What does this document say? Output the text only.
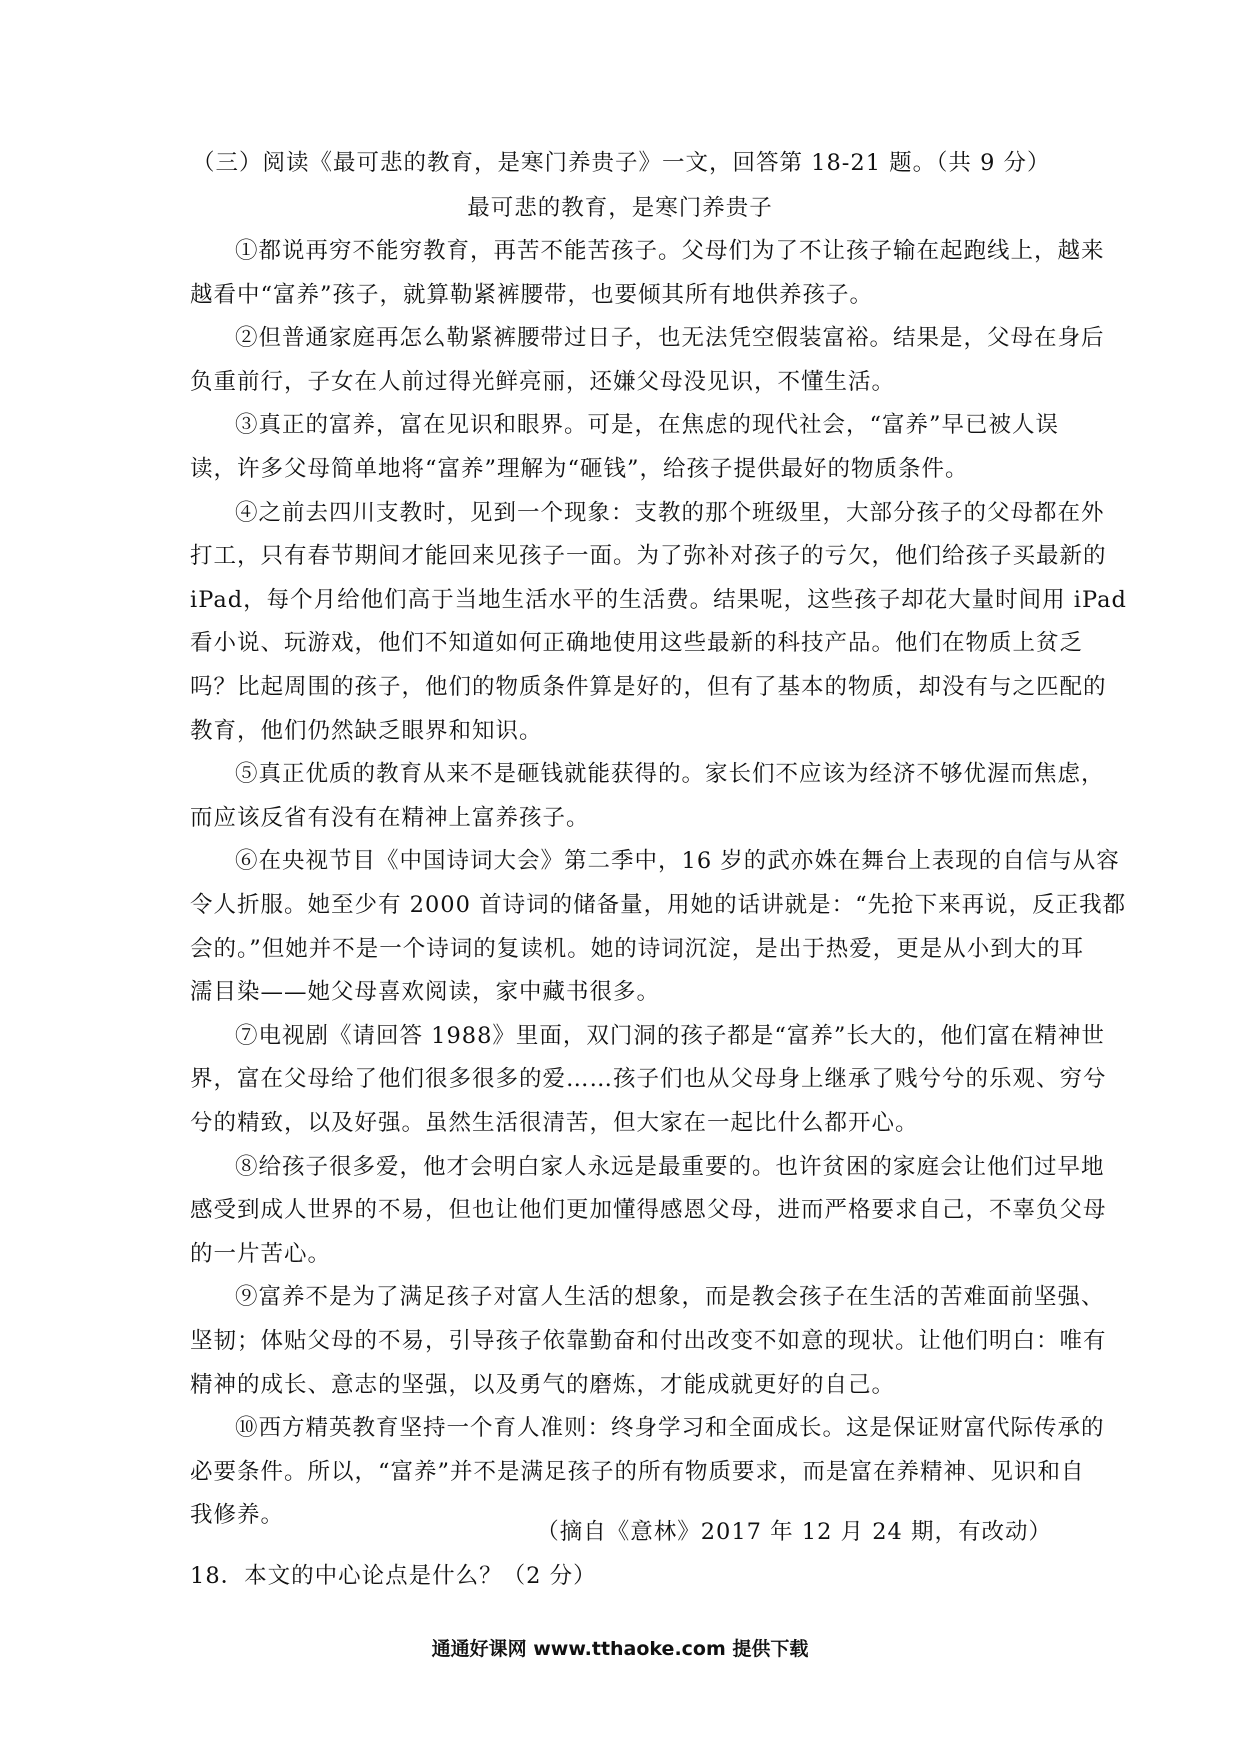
（三）阅读《最可悲的教育，是寒门养贵子》一文，回答第 18-21 题。（共 9 分）
最可悲的教育，是寒门养贵子
①都说再穷不能穷教育，再苦不能苦孩子。父母们为了不让孩子输在起跑线上，越来
越看中“富养”孩子，就算勒紧裤腰带，也要倾其所有地供养孩子。
②但普通家庭再怎么勒紧裤腰带过日子，也无法凭空假装富裕。结果是，父母在身后
负重前行，子女在人前过得光鲜亮丽，还嫌父母没见识，不懂生活。
③真正的富养，富在见识和眼界。可是，在焦虑的现代社会，“富养”早已被人误
读，许多父母简单地将“富养”理解为“砸钱”，给孩子提供最好的物质条件。
④之前去四川支教时，见到一个现象：支教的那个班级里，大部分孩子的父母都在外
打工，只有春节期间才能回来见孩子一面。为了弥补对孩子的亏欠，他们给孩子买最新的
iPad，每个月给他们高于当地生活水平的生活费。结果呢，这些孩子却花大量时间用 iPad
看小说、玩游戏，他们不知道如何正确地使用这些最新的科技产品。他们在物质上贫乏
吗？比起周围的孩子，他们的物质条件算是好的，但有了基本的物质，却没有与之匹配的
教育，他们仍然缺乏眼界和知识。
⑤真正优质的教育从来不是砸钱就能获得的。家长们不应该为经济不够优渥而焦虑，
而应该反省有没有在精神上富养孩子。
⑥在央视节目《中国诗词大会》第二季中，16 岁的武亦姝在舞台上表现的自信与从容
令人折服。她至少有 2000 首诗词的储备量，用她的话讲就是：“先抢下来再说，反正我都
会的。”但她并不是一个诗词的复读机。她的诗词沉淀，是出于热爱，更是从小到大的耳
濡目染——她父母喜欢阅读，家中藏书很多。
⑦电视剧《请回答 1988》里面，双门洞的孩子都是“富养”长大的，他们富在精神世
界，富在父母给了他们很多很多的爱……孩子们也从父母身上继承了贱兮兮的乐观、穷兮
兮的精致，以及好强。虽然生活很清苦，但大家在一起比什么都开心。
⑧给孩子很多爱，他才会明白家人永远是最重要的。也许贫困的家庭会让他们过早地
感受到成人世界的不易，但也让他们更加懂得感恩父母，进而严格要求自己，不辜负父母
的一片苦心。
⑨富养不是为了满足孩子对富人生活的想象，而是教会孩子在生活的苦难面前坚强、
坚韧；体贴父母的不易，引导孩子依靠勤奋和付出改变不如意的现状。让他们明白：唯有
精神的成长、意志的坚强，以及勇气的磨炼，才能成就更好的自己。
⑩西方精英教育坚持一个育人准则：终身学习和全面成长。这是保证财富代际传承的
必要条件。所以，“富养”并不是满足孩子的所有物质要求，而是富在养精神、见识和自
我修养。
（摘自《意林》2017 年 12 月 24 期，有改动）
18．本文的中心论点是什么？（2 分）
通通好课网 www.tthaoke.com 提供下载
